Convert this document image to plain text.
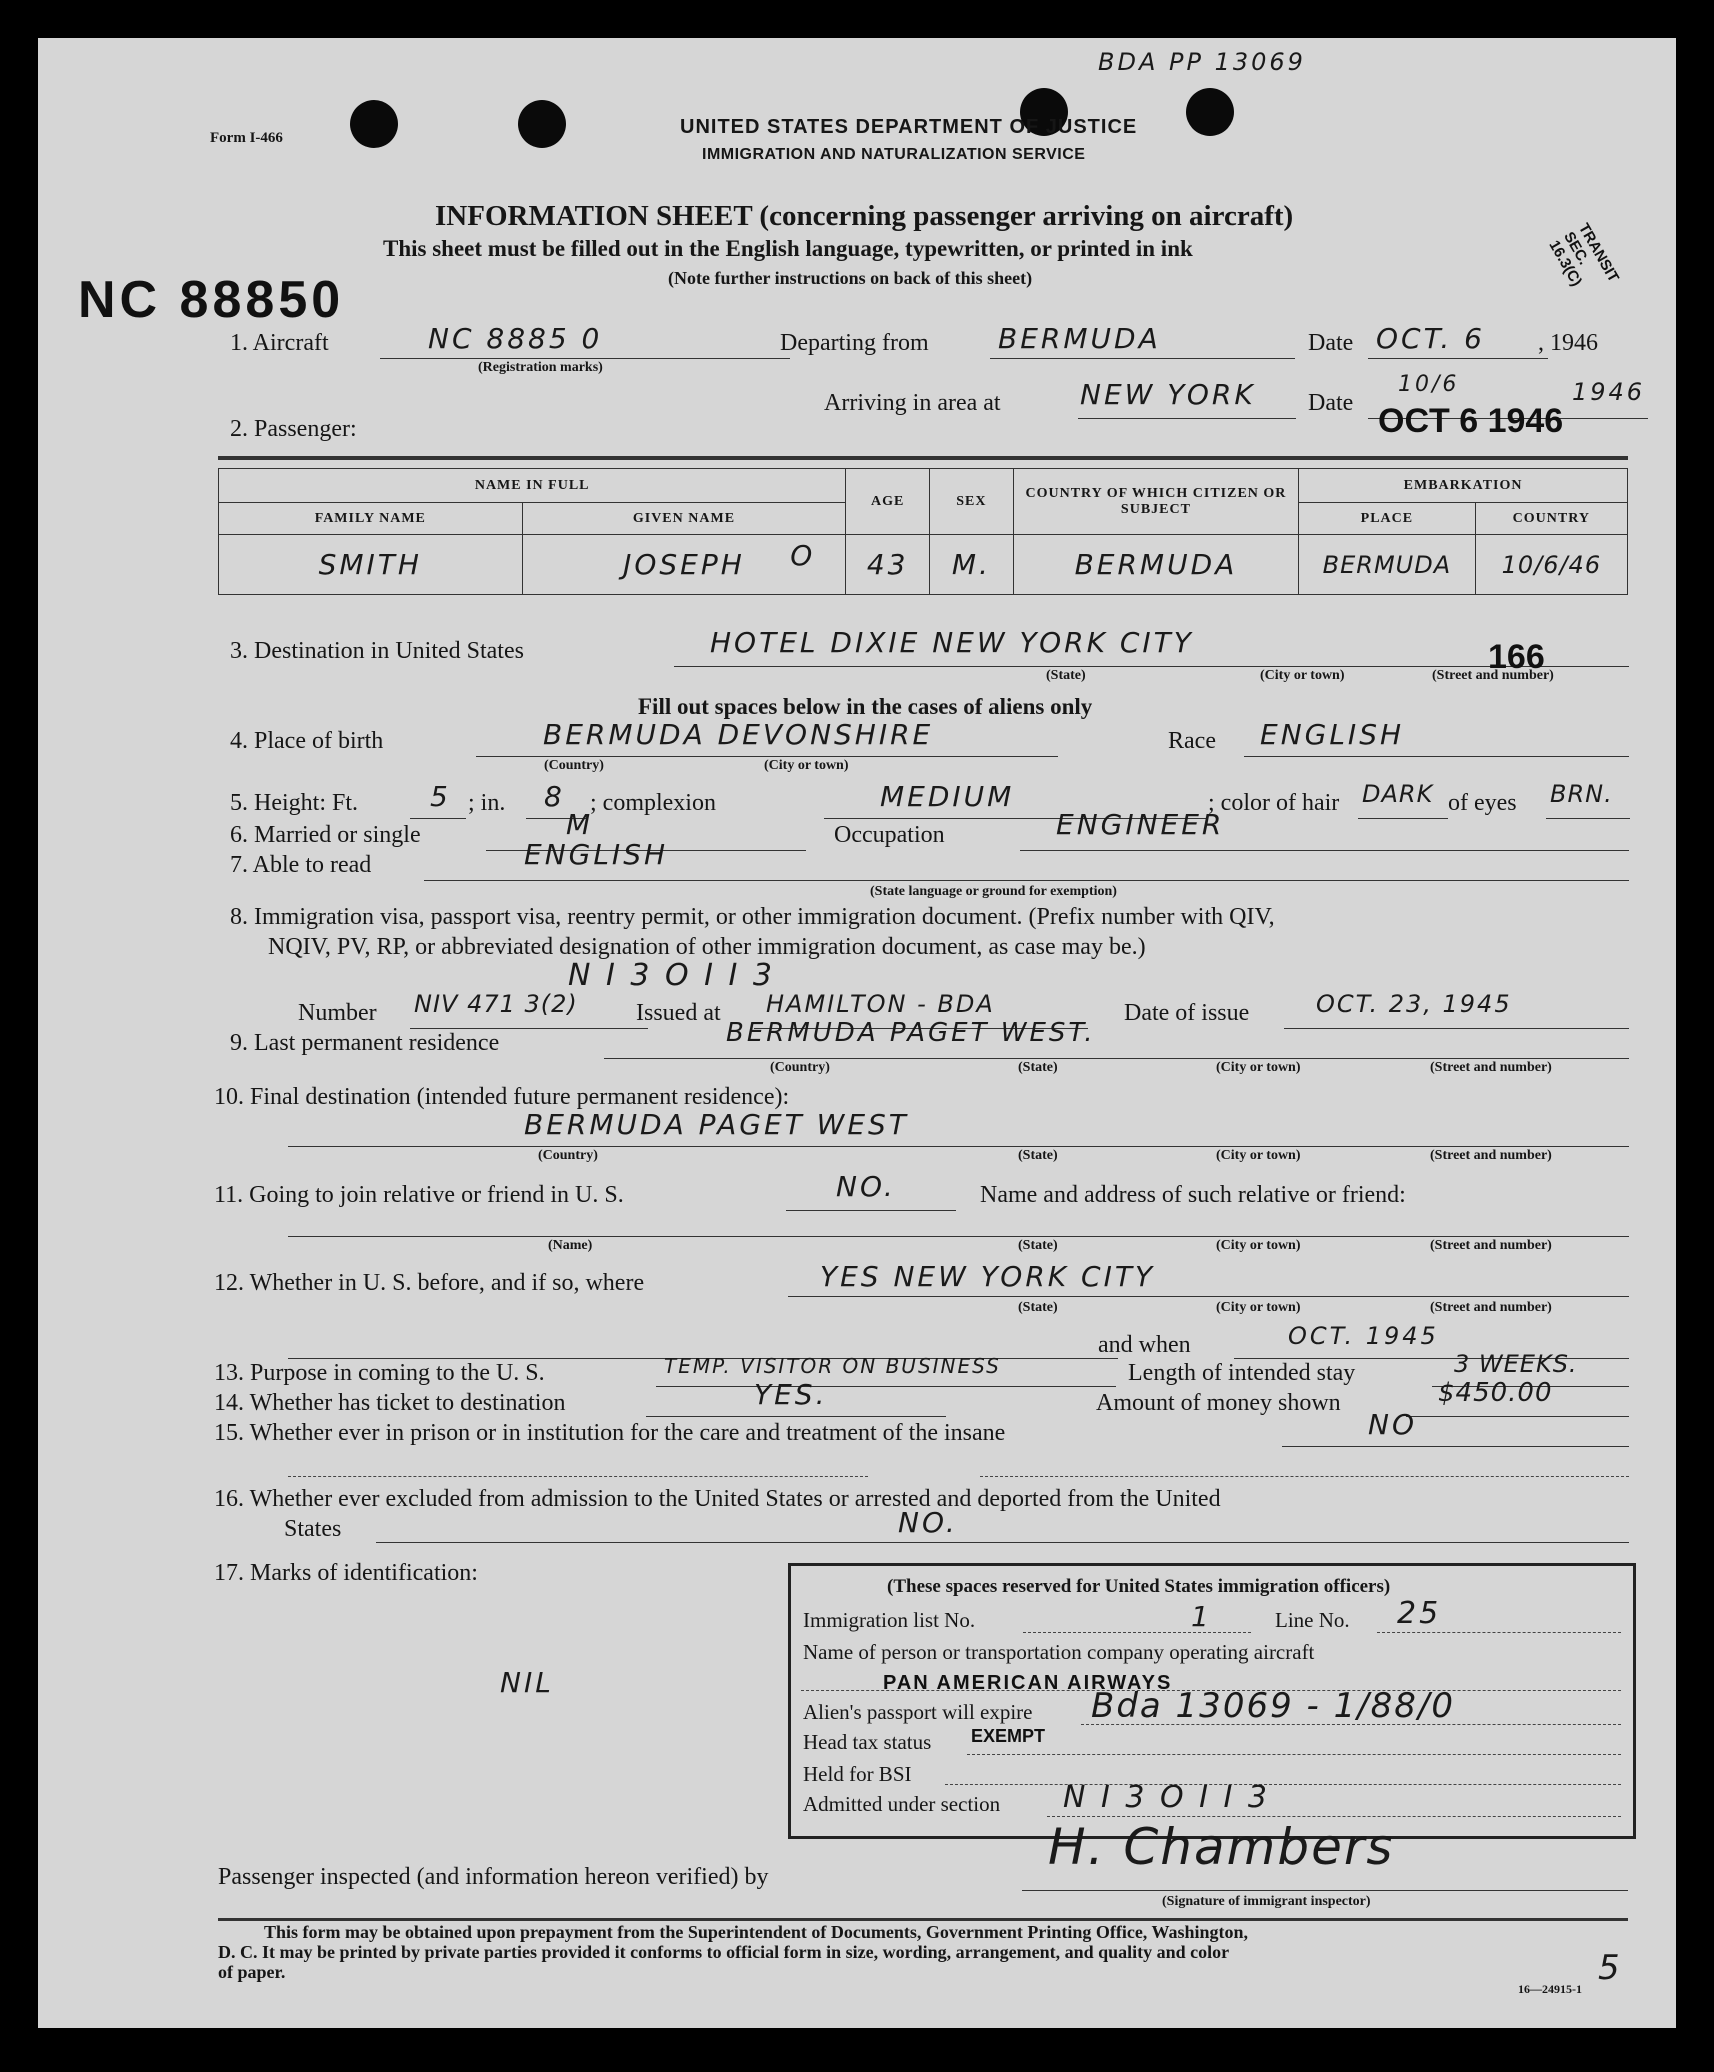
BDA PP 13069
Form I-466	UNITED STATES DEPARTMENT OF JUSTICE
IMMIGRATION AND NATURALIZATION SERVICE
INFORMATION SHEET (concerning passenger arriving on aircraft)
This sheet must be filled out in the English language, typewritten, or printed in ink
(Note further instructions on back of this sheet)
NC 88850
TRANSIT SEC. 16.3(C)
1. Aircraft	NC 8885 0
(Registration marks)
Departing from BERMUDA	Date OCT. 6 , 1946
Arriving in area at	NEW YORK Date
10/6	1946
OCT 6 1946
2. Passenger:
NAME IN FULL		AGE	SEX	COUNTRY OF WHICH CITIZEN OR SUBJECT	EMBARKATION	
FAMILY NAME	GIVEN NAME				PLACE	COUNTRY
SMITH	JOSEPH O	43	M.	BERMUDA	BERMUDA	10/6/46
3. Destination in United States	HOTEL DIXIE NEW YORK CITY	166
(State)	(City or town)	(Street and number)
Fill out spaces below in the cases of aliens only
4. Place of birth	BERMUDA DEVONSHIRE
(Country)	(City or town)
Race ENGLISH
5. Height: Ft.	5 ; in. 8 ; complexion	MEDIUM	; color of hair DARK of eyes BRN.
6. Married or single	M	Occupation	ENGINEER
7. Able to read	ENGLISH
(State language or ground for exemption)
8. Immigration visa, passport visa, reentry permit, or other immigration document. (Prefix number with QIV,
NQIV, PV, RP, or abbreviated designation of other immigration document, as case may be.)
N I 3 O I I 3
Number NIV 471 3(2) Issued at HAMILTON - BDA	Date of issue	OCT. 23, 1945
9. Last permanent residence	BERMUDA PAGET WEST.
(Country)	(State)	(City or town)	(Street and number)
10. Final destination (intended future permanent residence):
BERMUDA PAGET WEST
(Country)	(State)	(City or town)	(Street and number)
11. Going to join relative or friend in U. S.	NO.	Name and address of such relative or friend:
(Name)	(State)	(City or town)	(Street and number)
12. Whether in U. S. before, and if so, where	YES NEW YORK CITY
(State)	(City or town)	(Street and number)
and when	OCT. 1945
13. Purpose in coming to the U. S.	TEMP. VISITOR ON BUSINESS	Length of intended stay	3 WEEKS.
14. Whether has ticket to destination	YES.	Amount of money shown	$450.00
15. Whether ever in prison or in institution for the care and treatment of the insane	NO
16. Whether ever excluded from admission to the United States or arrested and deported from the United
States	NO.
17. Marks of identification:
NIL
(These spaces reserved for United States immigration officers)
Immigration list No.	1	Line No. 25
Name of person or transportation company operating aircraft
PAN AMERICAN AIRWAYS
Alien's passport will expire Bda 13069 - 1/88/0
Head tax status EXEMPT
Held for BSI
Admitted under section N I 3 O I I 3
Passenger inspected (and information hereon verified) by
H. Chambers
(Signature of immigrant inspector)
This form may be obtained upon prepayment from the Superintendent of Documents, Government Printing Office, Washington,
D. C. It may be printed by private parties provided it conforms to official form in size, wording, arrangement, and quality and color
of paper.
16—24915-1
5
